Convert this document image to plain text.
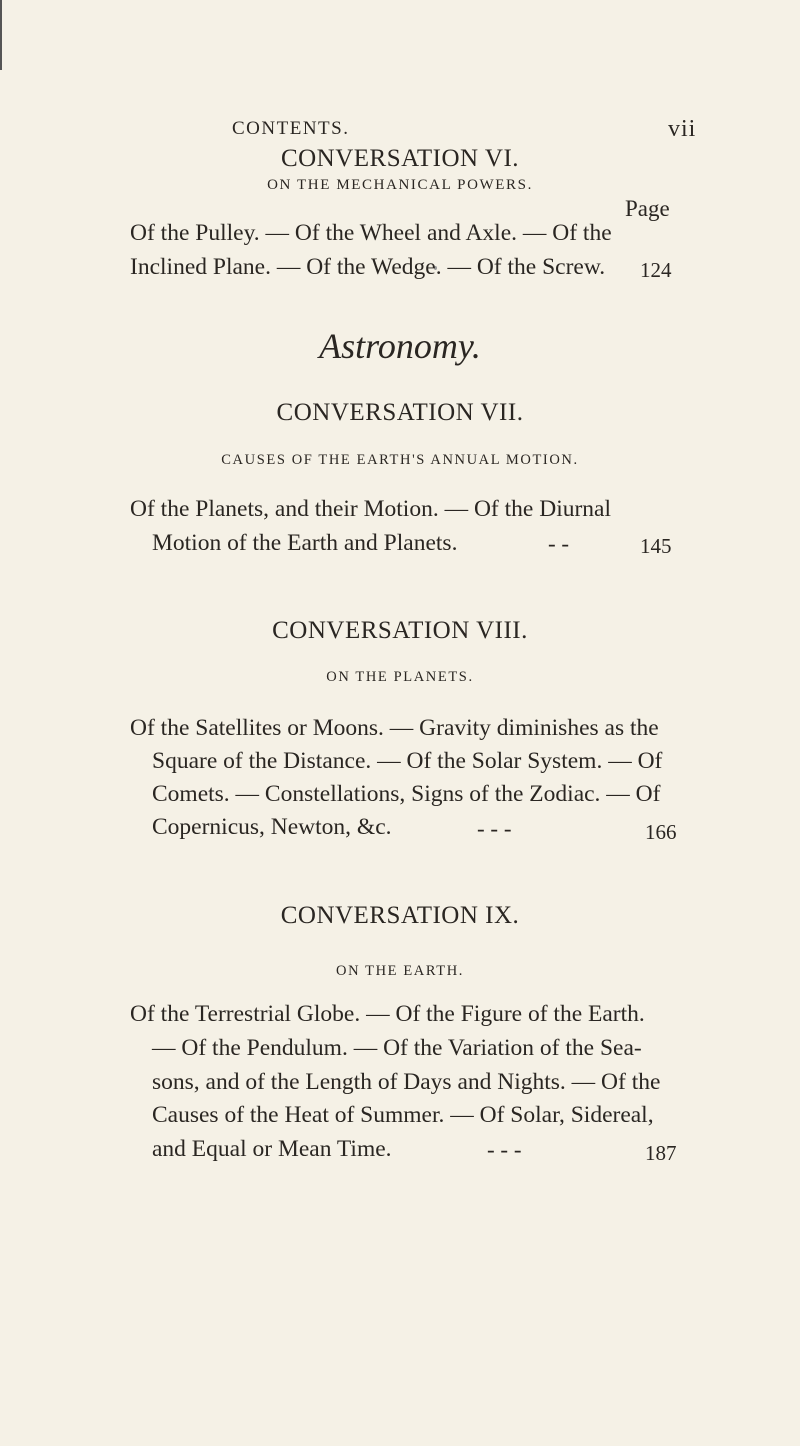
CONTENTS.	vii
CONVERSATION VI.
ON THE MECHANICAL POWERS.
Page
Of the Pulley. — Of the Wheel and Axle. — Of the
Inclined Plane. — Of the Wedge. — Of the Screw. 124
Astronomy.
CONVERSATION VII.
CAUSES OF THE EARTH'S ANNUAL MOTION.
Of the Planets, and their Motion. — Of the Diurnal
Motion of the Earth and Planets.	- -	145
CONVERSATION VIII.
ON THE PLANETS.
Of the Satellites or Moons. — Gravity diminishes as the
Square of the Distance. — Of the Solar System. — Of
Comets. — Constellations, Signs of the Zodiac. — Of
Copernicus, Newton, &c.	- - -	166
CONVERSATION IX.
ON THE EARTH.
Of the Terrestrial Globe. — Of the Figure of the Earth.
— Of the Pendulum. — Of the Variation of the Sea-
sons, and of the Length of Days and Nights. — Of the
Causes of the Heat of Summer. — Of Solar, Sidereal,
and Equal or Mean Time.	- - -	187
